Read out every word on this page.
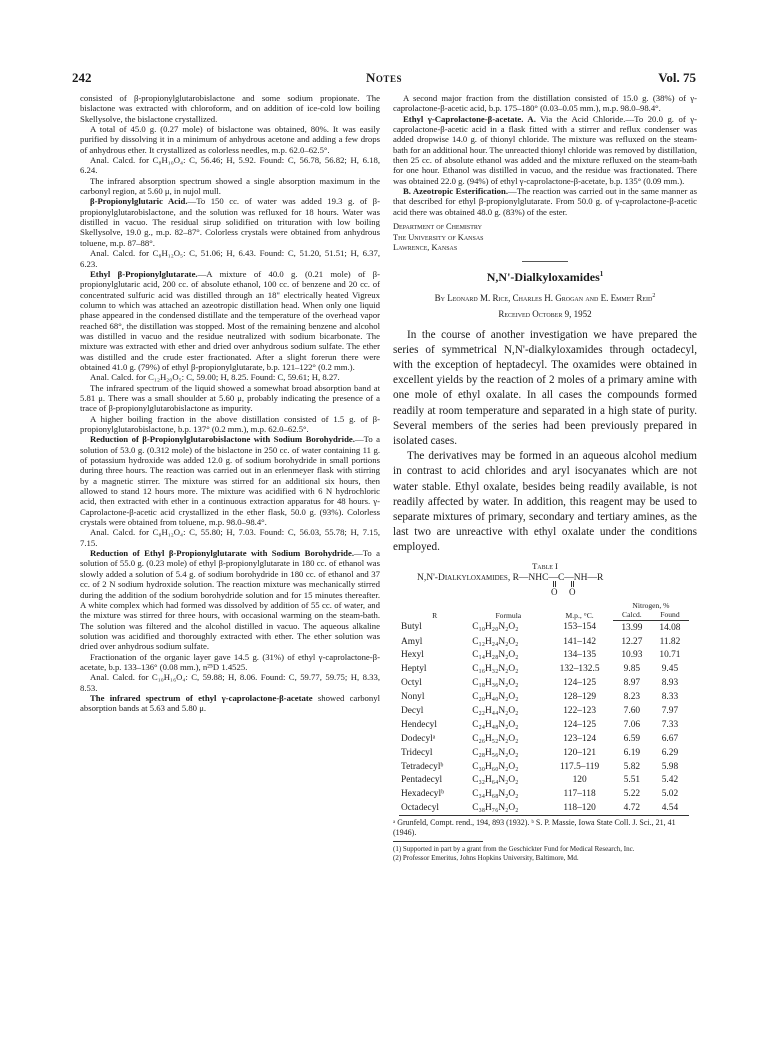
242	Notes	Vol. 75

consisted of β-propionylglutarobislactone and some sodium propionate. The bislactone was extracted with chloroform, and on addition of ice-cold low boiling Skellysolve, the bislactone crystallized.

A total of 45.0 g. (0.27 mole) of bislactone was obtained, 80%. It was easily purified by dissolving it in a minimum of anhydrous acetone and adding a few drops of anhydrous ether. It crystallized as colorless needles, m.p. 62.0–62.5°.

Anal. Calcd. for C₈H₁₀O₄: C, 56.46; H, 5.92. Found: C, 56.78, 56.82; H, 6.18, 6.24.

The infrared absorption spectrum showed a single absorption maximum in the carbonyl region, at 5.60 μ, in nujol mull.

β-Propionylglutaric Acid.—To 150 cc. of water was added 19.3 g. of β-propionylglutarobislactone, and the solution was refluxed for 18 hours. Water was distilled in vacuo. The residual sirup solidified on trituration with low boiling Skellysolve, 19.0 g., m.p. 82–87°. Colorless crystals were obtained from anhydrous toluene, m.p. 87–88°.

Anal. Calcd. for C₈H₁₂O₅: C, 51.06; H, 6.43. Found: C, 51.20, 51.51; H, 6.37, 6.23.

Ethyl β-Propionylglutarate.—A mixture of 40.0 g. (0.21 mole) of β-propionylglutaric acid, 200 cc. of absolute ethanol, 100 cc. of benzene and 20 cc. of concentrated sulfuric acid was distilled through an 18" electrically heated Vigreux column to which was attached an azeotropic distillation head. When only one liquid phase appeared in the condensed distillate and the temperature of the overhead vapor reached 68°, the distillation was stopped. Most of the remaining benzene and alcohol was distilled in vacuo and the residue neutralized with sodium bicarbonate. The mixture was extracted with ether and dried over anhydrous sodium sulfate. The ether was distilled and the crude ester fractionated. After a slight forerun there were obtained 41.0 g. (79%) of ethyl β-propionylglutarate, b.p. 121–122° (0.2 mm.).

Anal. Calcd. for C₁₂H₂₀O₅: C, 59.00; H, 8.25. Found: C, 59.61; H, 8.27.

The infrared spectrum of the liquid showed a somewhat broad absorption band at 5.81 μ. There was a small shoulder at 5.60 μ, probably indicating the presence of a trace of β-propionylglutarobislactone as impurity.

A higher boiling fraction in the above distillation consisted of 1.5 g. of β-propionylglutarobislactone, b.p. 137° (0.2 mm.), m.p. 62.0–62.5°.

Reduction of β-Propionylglutarobislactone with Sodium Borohydride.—To a solution of 53.0 g. (0.312 mole) of the bislactone in 250 cc. of water containing 11 g. of potassium hydroxide was added 12.0 g. of sodium borohydride in small portions during three hours. The reaction was carried out in an erlenmeyer flask with stirring by a magnetic stirrer. The mixture was stirred for an additional six hours, then allowed to stand 12 hours more. The mixture was acidified with 6 N hydrochloric acid, then extracted with ether in a continuous extraction apparatus for 48 hours. γ-Caprolactone-β-acetic acid crystallized in the ether flask, 50.0 g. (93%). Colorless crystals were obtained from toluene, m.p. 98.0–98.4°.

Anal. Calcd. for C₈H₁₂O₄: C, 55.80; H, 7.03. Found: C, 56.03, 55.78; H, 7.15, 7.15.

Reduction of Ethyl β-Propionylglutarate with Sodium Borohydride.—To a solution of 55.0 g. (0.23 mole) of ethyl β-propionylglutarate in 180 cc. of ethanol was slowly added a solution of 5.4 g. of sodium borohydride in 180 cc. of ethanol and 37 cc. of 2 N sodium hydroxide solution. The reaction mixture was mechanically stirred during the addition of the sodium borohydride solution and for 15 minutes thereafter. A white complex which had formed was dissolved by addition of 55 cc. of water, and the mixture was stirred for three hours, with occasional warming on the steam-bath. The solution was filtered and the alcohol distilled in vacuo. The aqueous alkaline solution was acidified and thoroughly extracted with ether. The ether solution was dried over anhydrous sodium sulfate.

Fractionation of the organic layer gave 14.5 g. (31%) of ethyl γ-caprolactone-β-acetate, b.p. 133–136° (0.08 mm.), n²⁵D 1.4525.

Anal. Calcd. for C₁₀H₁₆O₄: C, 59.88; H, 8.06. Found: C, 59.77, 59.75; H, 8.33, 8.53.

The infrared spectrum of ethyl γ-caprolactone-β-acetate showed carbonyl absorption bands at 5.63 and 5.80 μ.

A second major fraction from the distillation consisted of 15.0 g. (38%) of γ-caprolactone-β-acetic acid, b.p. 175–180° (0.03–0.05 mm.), m.p. 98.0–98.4°.

Ethyl γ-Caprolactone-β-acetate. A. Via the Acid Chloride.—To 20.0 g. of γ-caprolactone-β-acetic acid in a flask fitted with a stirrer and reflux condenser was added dropwise 14.0 g. of thionyl chloride. The mixture was refluxed on the steam-bath for an additional hour. The unreacted thionyl chloride was removed by distillation, then 25 cc. of absolute ethanol was added and the mixture refluxed on the steam-bath for one hour. Ethanol was distilled in vacuo, and the residue was fractionated. There was obtained 22.0 g. (94%) of ethyl γ-caprolactone-β-acetate, b.p. 135° (0.09 mm.).

B. Azeotropic Esterification.—The reaction was carried out in the same manner as that described for ethyl β-propionylglutarate. From 50.0 g. of γ-caprolactone-β-acetic acid there was obtained 48.0 g. (83%) of the ester.

Department of Chemistry
The University of Kansas
Lawrence, Kansas
N,N'-Dialkyloxamides$^1$
By Leonard M. Rice, Charles H. Grogan and E. Emmet Reid$^2$
Received October 9, 1952

In the course of another investigation we have prepared the series of symmetrical N,N'-dialkyloxamides through octadecyl, with the exception of heptadecyl. The oxamides were obtained in excellent yields by the reaction of 2 moles of a primary amine with one mole of ethyl oxalate. In all cases the compounds formed readily at room temperature and separated in a high state of purity. Several members of the series had been previously prepared in isolated cases.

The derivatives may be formed in an aqueous alcohol medium in contrast to acid chlorides and aryl isocyanates which are not water stable. Ethyl oxalate, besides being readily available, is not readily affected by water. In addition, this reagent may be used to separate mixtures of primary, secondary and tertiary amines, as the last two are unreactive with ethyl oxalate under the conditions employed.

Table I
N,N'-Dialkyloxamides, R—NHC—C—NH—R
O O
R	Formula	M.p., °C.	Nitrogen, %	
			Calcd.	Found
Butyl	C₁₀H₂₀N₂O₂	153–154	13.99	14.08
Amyl	C₁₂H₂₄N₂O₂	141–142	12.27	11.82
Hexyl	C₁₄H₂₈N₂O₂	134–135	10.93	10.71
Heptyl	C₁₆H₃₂N₂O₂	132–132.5	9.85	9.45
Octyl	C₁₈H₃₆N₂O₂	124–125	8.97	8.93
Nonyl	C₂₀H₄₀N₂O₂	128–129	8.23	8.33
Decyl	C₂₂H₄₄N₂O₂	122–123	7.60	7.97
Hendecyl	C₂₄H₄₈N₂O₂	124–125	7.06	7.33
Dodecylᵃ	C₂₆H₅₂N₂O₂	123–124	6.59	6.67
Tridecyl	C₂₈H₅₆N₂O₂	120–121	6.19	6.29
Tetradecylᵇ	C₃₀H₆₀N₂O₂	117.5–119	5.82	5.98
Pentadecyl	C₃₂H₆₄N₂O₂	120	5.51	5.42
Hexadecylᵇ	C₃₄H₆₈N₂O₂	117–118	5.22	5.02
Octadecyl	C₃₈H₇₆N₂O₂	118–120	4.72	4.54
ᵃ Grunfeld, Compt. rend., 194, 893 (1932). ᵇ S. P. Massie, Iowa State Coll. J. Sci., 21, 41 (1946).
(1) Supported in part by a grant from the Geschickter Fund for Medical Research, Inc.
(2) Professor Emeritus, Johns Hopkins University, Baltimore, Md.
